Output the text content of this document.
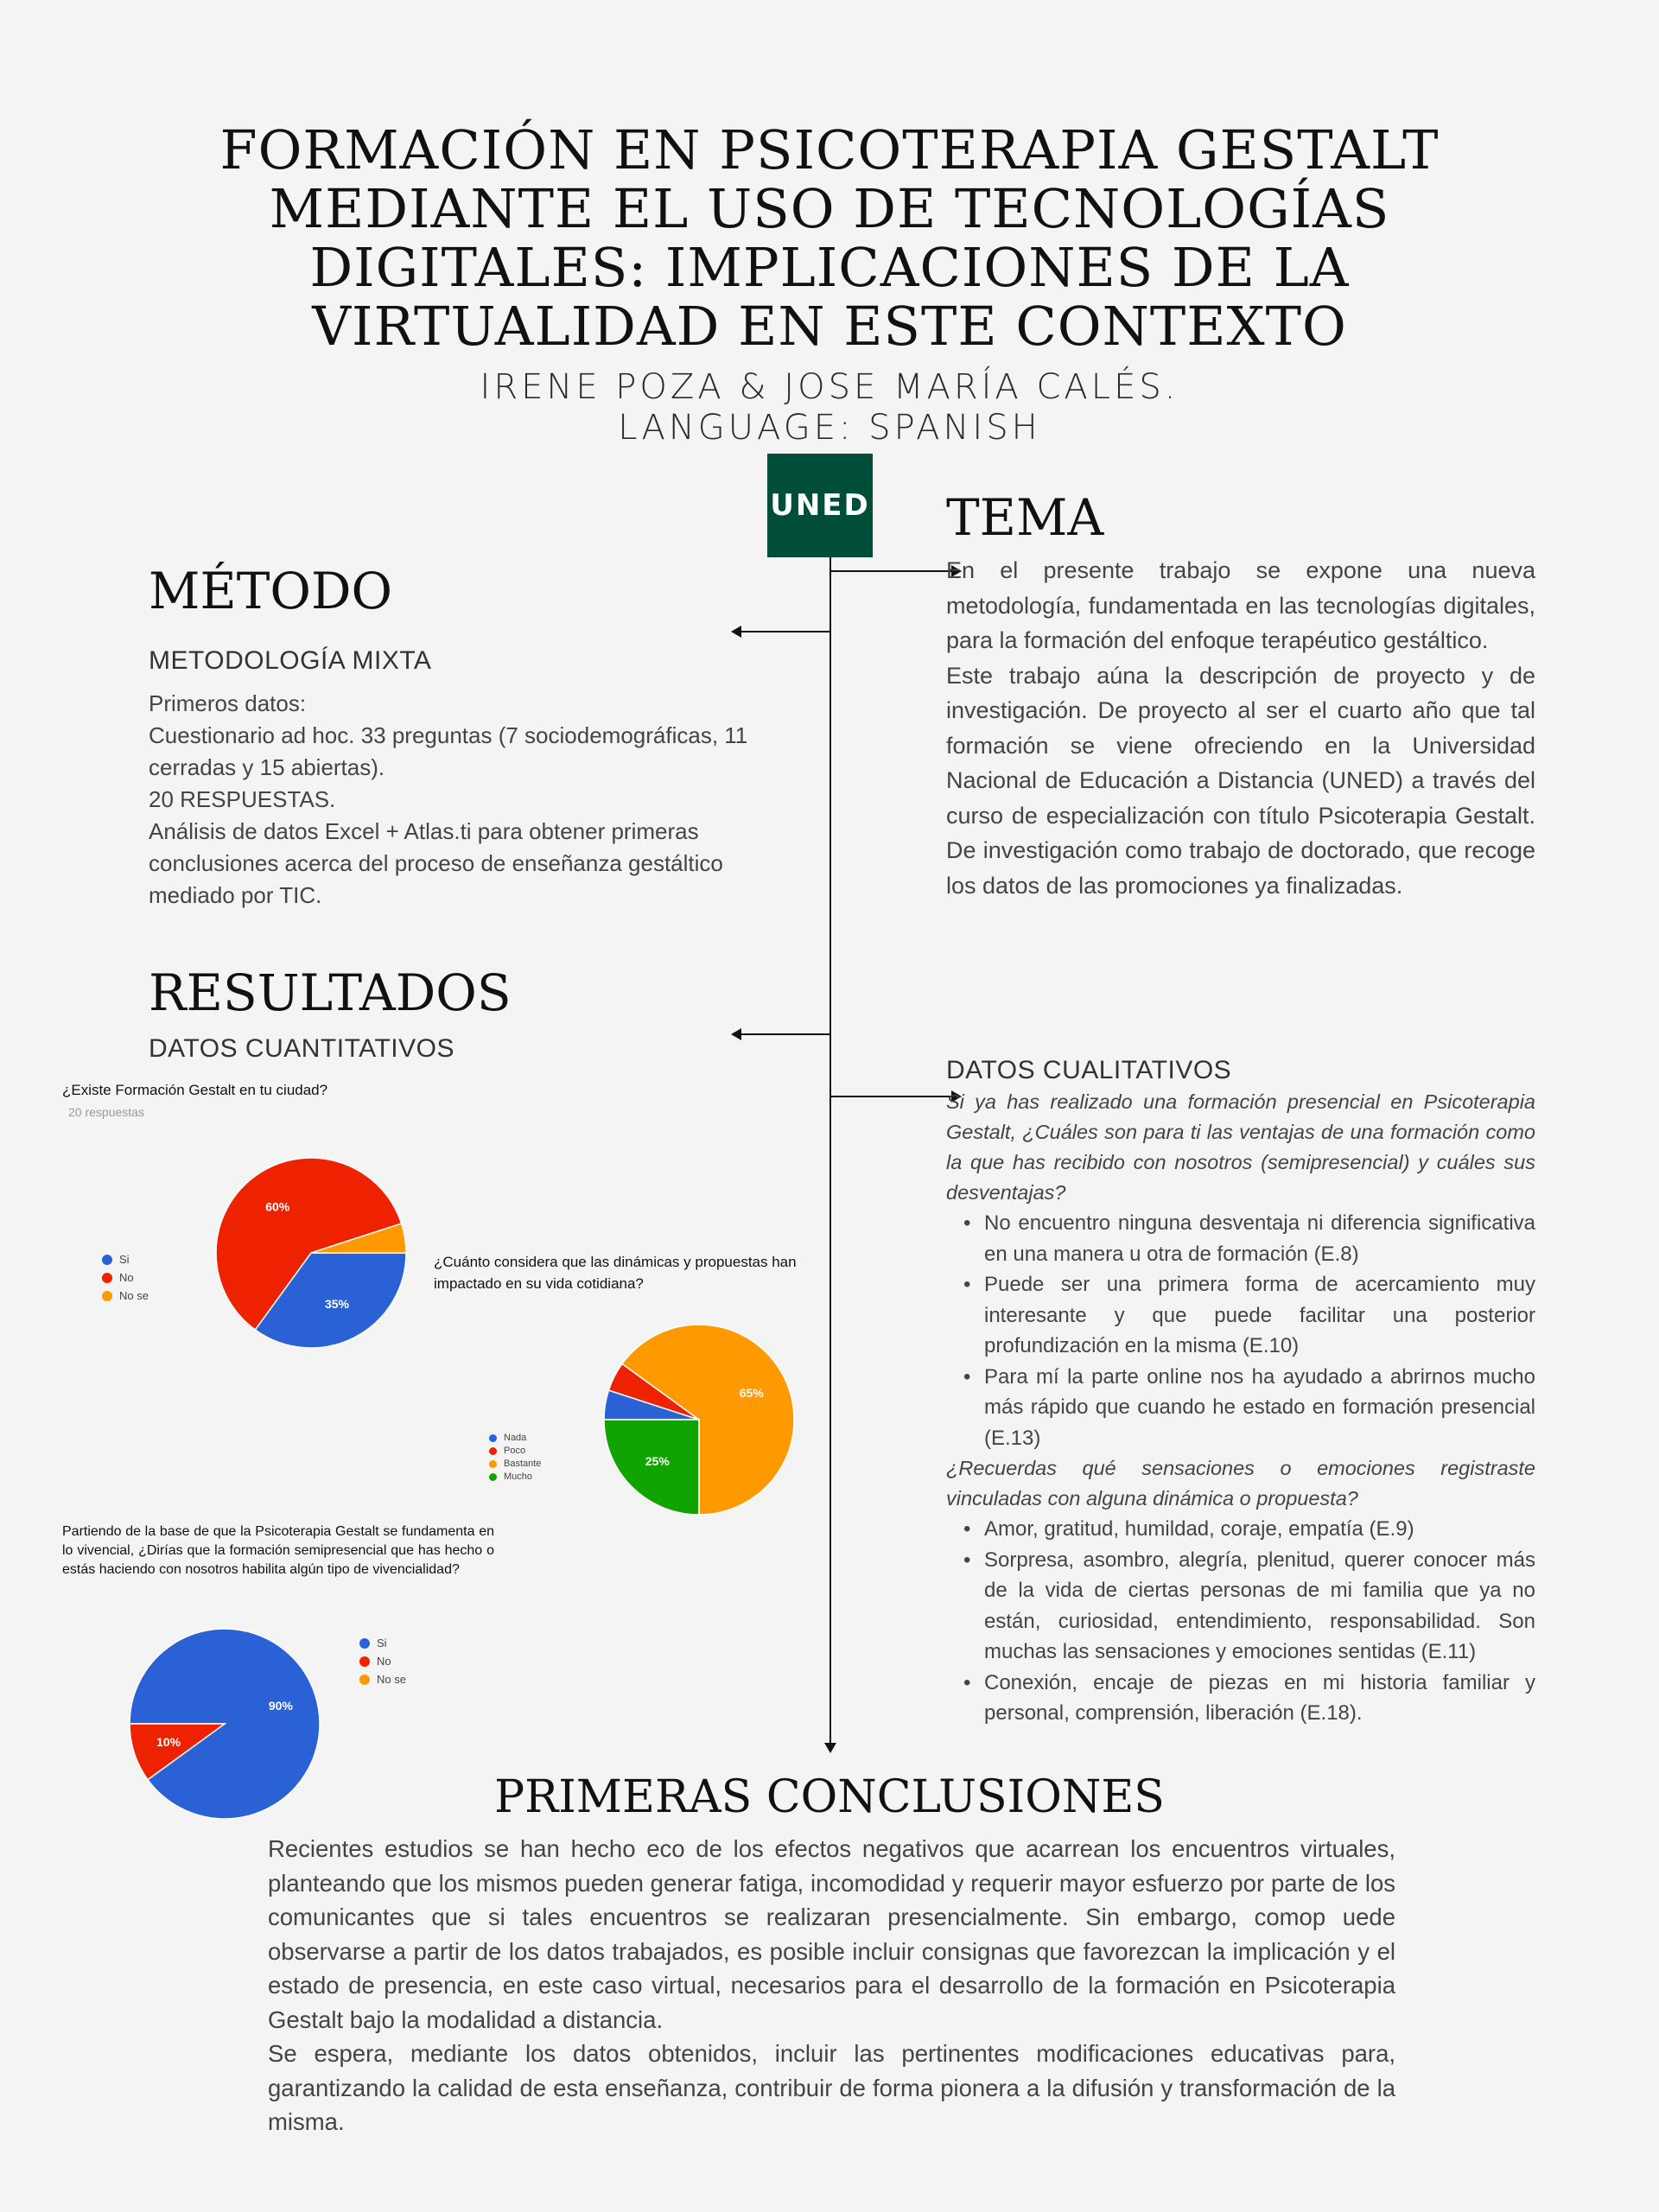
FORMACIÓN EN PSICOTERAPIA GESTALT MEDIANTE EL USO DE TECNOLOGÍAS DIGITALES: IMPLICACIONES DE LA VIRTUALIDAD EN ESTE CONTEXTO
IRENE POZA & JOSE MARÍA CALÉS.
LANGUAGE: SPANISH
UNED TEMA
En el presente trabajo se expone una nueva metodología, fundamentada en las tecnologías digitales, para la formación del enfoque terapéutico gestáltico.
Este trabajo aúna la descripción de proyecto y de investigación. De proyecto al ser el cuarto año que tal formación se viene ofreciendo en la Universidad Nacional de Educación a Distancia (UNED) a través del curso de especialización con título Psicoterapia Gestalt. De investigación como trabajo de doctorado, que recoge los datos de las promociones ya finalizadas.
MÉTODO
METODOLOGÍA MIXTA
Primeros datos:
Cuestionario ad hoc. 33 preguntas (7 sociodemográficas, 11 cerradas y 15 abiertas).
20 RESPUESTAS.
Análisis de datos Excel + Atlas.ti para obtener primeras conclusiones acerca del proceso de enseñanza gestáltico mediado por TIC.
RESULTADOS
DATOS CUANTITATIVOS
¿Existe Formación Gestalt en tu ciudad?
20 respuestas
35%
60%
Si
No
No se
¿Cuánto considera que las dinámicas y propuestas han impactado en su vida cotidiana?
65%
25%
Nada
Poco
Bastante
Mucho
Partiendo de la base de que la Psicoterapia Gestalt se fundamenta en lo vivencial, ¿Dirías que la formación semipresencial que has hecho o estás haciendo con nosotros habilita algún tipo de vivencialidad?
90%
10%
Si
No
No se
DATOS CUALITATIVOS
Si ya has realizado una formación presencial en Psicoterapia Gestalt, ¿Cuáles son para ti las ventajas de una formación como la que has recibido con nosotros (semipresencial) y cuáles sus desventajas?
• No encuentro ninguna desventaja ni diferencia significativa en una manera u otra de formación (E.8)
• Puede ser una primera forma de acercamiento muy interesante y que puede facilitar una posterior profundización en la misma (E.10)
• Para mí la parte online nos ha ayudado a abrirnos mucho más rápido que cuando he estado en formación presencial (E.13)
¿Recuerdas qué sensaciones o emociones registraste vinculadas con alguna dinámica o propuesta?
• Amor, gratitud, humildad, coraje, empatía (E.9)
• Sorpresa, asombro, alegría, plenitud, querer conocer más de la vida de ciertas personas de mi familia que ya no están, curiosidad, entendimiento, responsabilidad. Son muchas las sensaciones y emociones sentidas (E.11)
• Conexión, encaje de piezas en mi historia familiar y personal, comprensión, liberación (E.18).
PRIMERAS CONCLUSIONES
Recientes estudios se han hecho eco de los efectos negativos que acarrean los encuentros virtuales, planteando que los mismos pueden generar fatiga, incomodidad y requerir mayor esfuerzo por parte de los comunicantes que si tales encuentros se realizaran presencialmente. Sin embargo, comop uede observarse a partir de los datos trabajados, es posible incluir consignas que favorezcan la implicación y el estado de presencia, en este caso virtual, necesarios para el desarrollo de la formación en Psicoterapia Gestalt bajo la modalidad a distancia.
Se espera, mediante los datos obtenidos, incluir las pertinentes modificaciones educativas para, garantizando la calidad de esta enseñanza, contribuir de forma pionera a la difusión y transformación de la misma.
